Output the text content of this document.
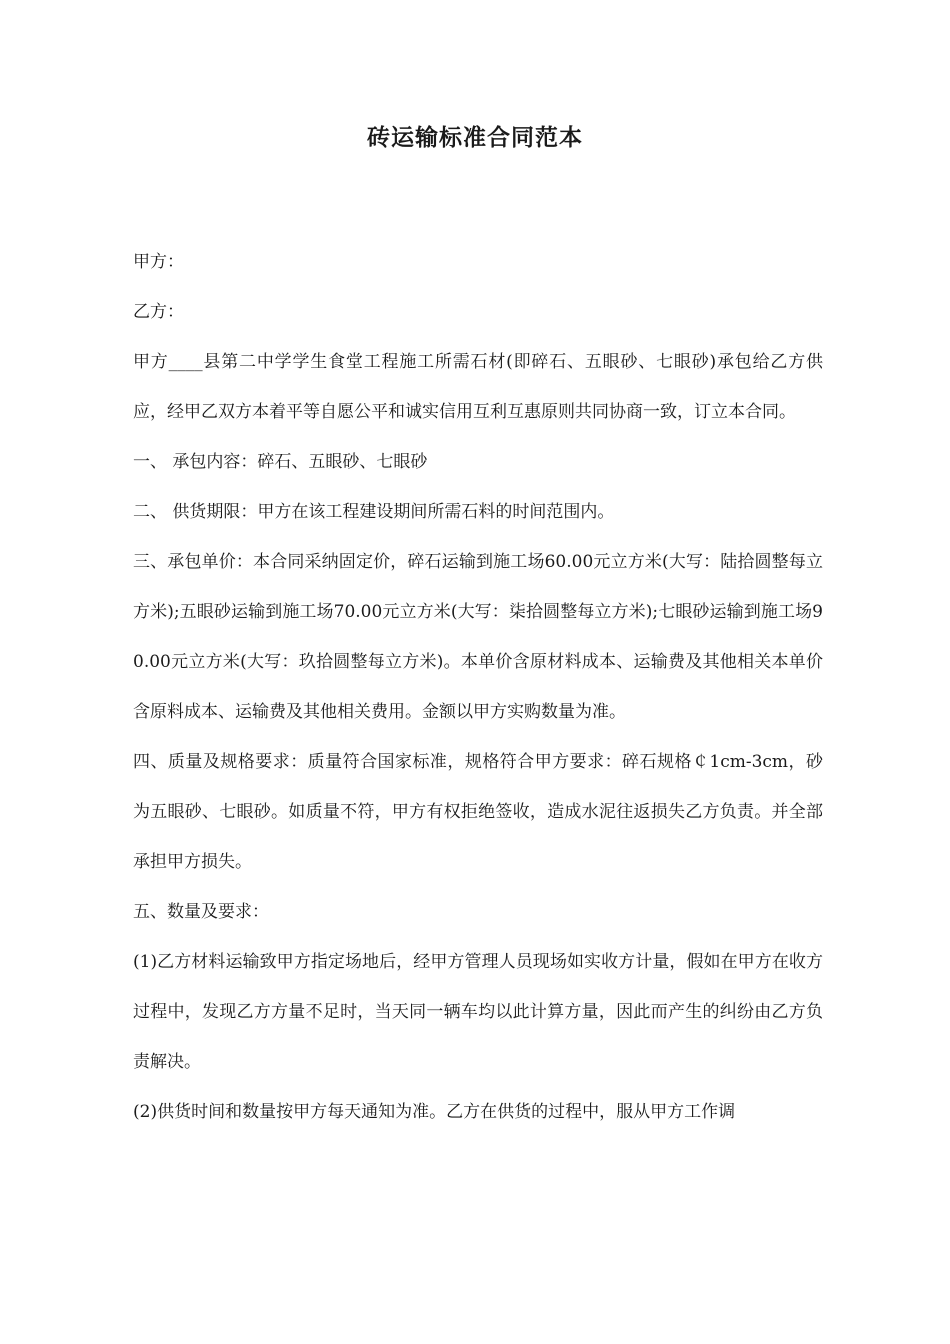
砖运输标准合同范本

甲方：

乙方：

甲方____县第二中学学生食堂工程施工所需石材(即碎石、五眼砂、七眼砂)承包给乙方供应，经甲乙双方本着平等自愿公平和诚实信用互利互惠原则共同协商一致，订立本合同。

一、 承包内容：碎石、五眼砂、七眼砂

二、 供货期限：甲方在该工程建设期间所需石料的时间范围内。

三、承包单价：本合同采纳固定价，碎石运输到施工场60.00元立方米(大写：陆拾圆整每立方米);五眼砂运输到施工场70.00元立方米(大写：柒拾圆整每立方米);七眼砂运输到施工场90.00元立方米(大写：玖拾圆整每立方米)。本单价含原材料成本、运输费及其他相关本单价含原料成本、运输费及其他相关费用。金额以甲方实购数量为准。

四、质量及规格要求：质量符合国家标准，规格符合甲方要求：碎石规格￠1cm-3cm，砂为五眼砂、七眼砂。如质量不符，甲方有权拒绝签收，造成水泥往返损失乙方负责。并全部承担甲方损失。

五、数量及要求：

(1)乙方材料运输致甲方指定场地后，经甲方管理人员现场如实收方计量，假如在甲方在收方过程中，发现乙方方量不足时，当天同一辆车均以此计算方量，因此而产生的纠纷由乙方负责解决。

(2)供货时间和数量按甲方每天通知为准。乙方在供货的过程中，服从甲方工作调
